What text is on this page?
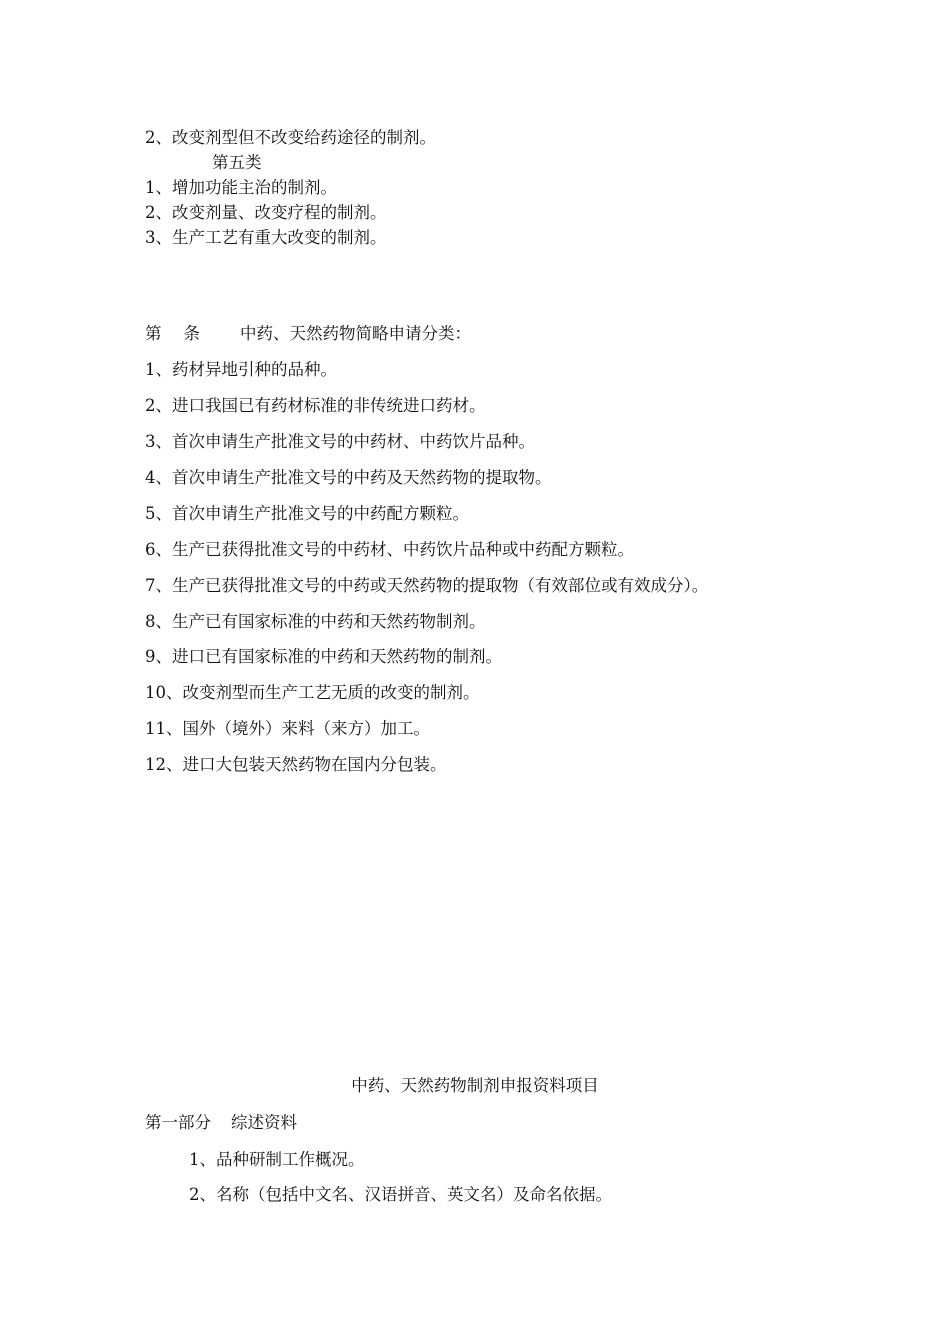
2、改变剂型但不改变给药途径的制剂。
第五类
1、增加功能主治的制剂。
2、改变剂量、改变疗程的制剂。
3、生产工艺有重大改变的制剂。
第 条 中药、天然药物简略申请分类：
1、药材异地引种的品种。
2、进口我国已有药材标准的非传统进口药材。
3、首次申请生产批准文号的中药材、中药饮片品种。
4、首次申请生产批准文号的中药及天然药物的提取物。
5、首次申请生产批准文号的中药配方颗粒。
6、生产已获得批准文号的中药材、中药饮片品种或中药配方颗粒。
7、生产已获得批准文号的中药或天然药物的提取物（有效部位或有效成分）。
8、生产已有国家标准的中药和天然药物制剂。
9、进口已有国家标准的中药和天然药物的制剂。
10、改变剂型而生产工艺无质的改变的制剂。
11、国外（境外）来料（来方）加工。
12、进口大包装天然药物在国内分包装。
中药、天然药物制剂申报资料项目
第一部分 综述资料
1、品种研制工作概况。
2、名称（包括中文名、汉语拼音、英文名）及命名依据。
